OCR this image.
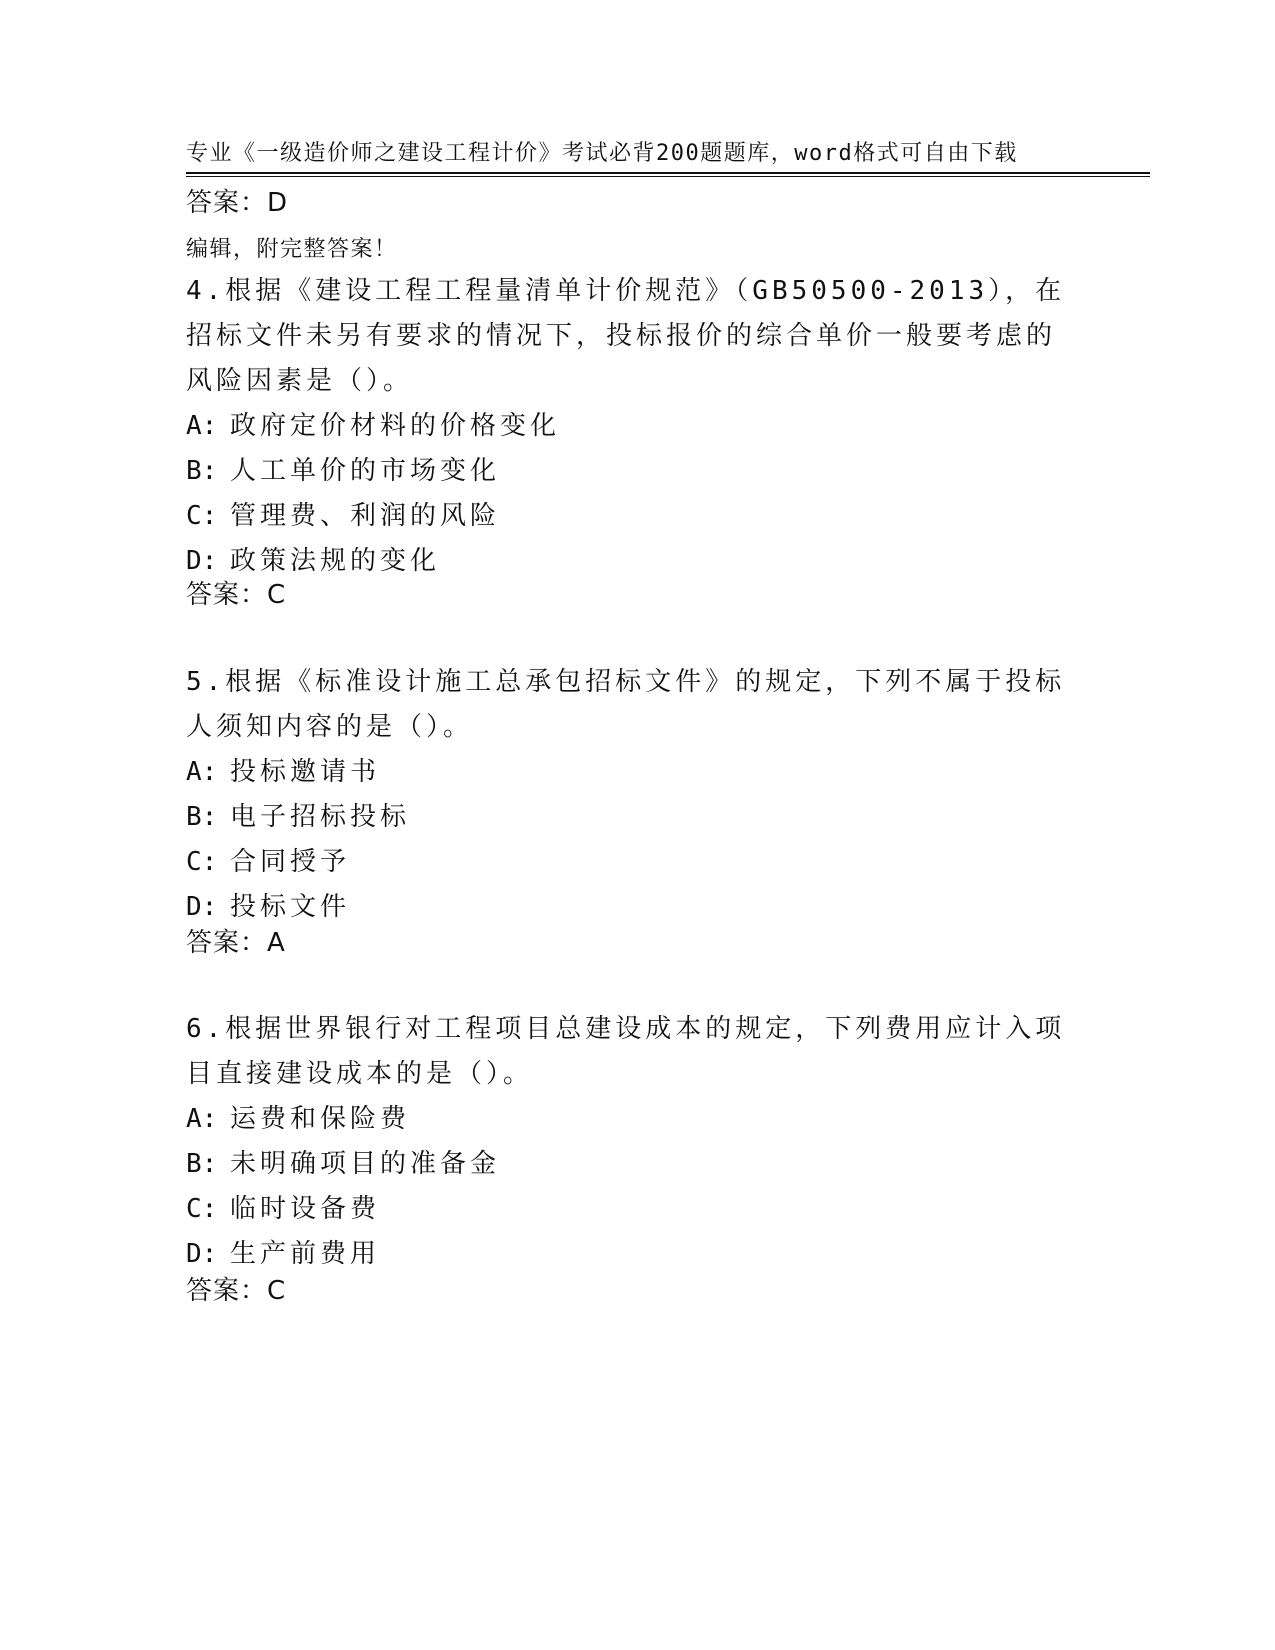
专业《一级造价师之建设工程计价》考试必背200题题库，word格式可自由下载

编辑，附完整答案！

答案：D
4.根据《建设工程工程量清单计价规范》（GB50500-2013），在招标文件未另有要求的情况下，投标报价的综合单价一般要考虑的风险因素是（）。
A: 政府定价材料的价格变化
B: 人工单价的市场变化
C: 管理费、利润的风险
D: 政策法规的变化
答案：C
5.根据《标准设计施工总承包招标文件》的规定，下列不属于投标人须知内容的是（）。
A: 投标邀请书
B: 电子招标投标
C: 合同授予
D: 投标文件
答案：A
6.根据世界银行对工程项目总建设成本的规定，下列费用应计入项目直接建设成本的是（）。
A: 运费和保险费
B: 未明确项目的准备金
C: 临时设备费
D: 生产前费用
答案：C
